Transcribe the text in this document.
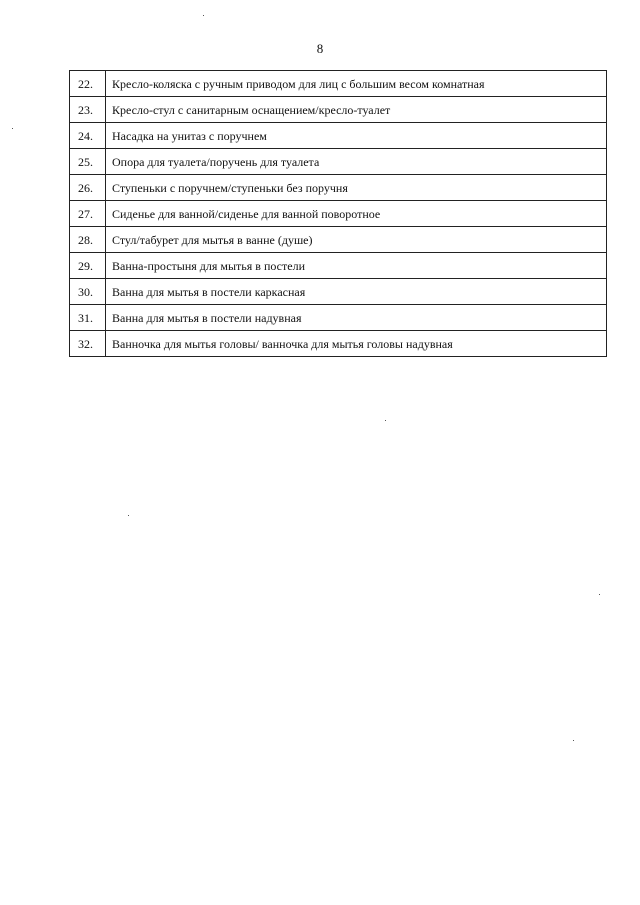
8
22.	Кресло-коляска с ручным приводом для лиц с большим весом комнатная
23.	Кресло-стул с санитарным оснащением/кресло-туалет
24.	Насадка на унитаз с поручнем
25.	Опора для туалета/поручень для туалета
26.	Ступеньки с поручнем/ступеньки без поручня
27.	Сиденье для ванной/сиденье для ванной поворотное
28.	Стул/табурет для мытья в ванне (душе)
29.	Ванна-простыня для мытья в постели
30.	Ванна для мытья в постели каркасная
31.	Ванна для мытья в постели надувная
32.	Ванночка для мытья головы/ ванночка для мытья головы надувная
